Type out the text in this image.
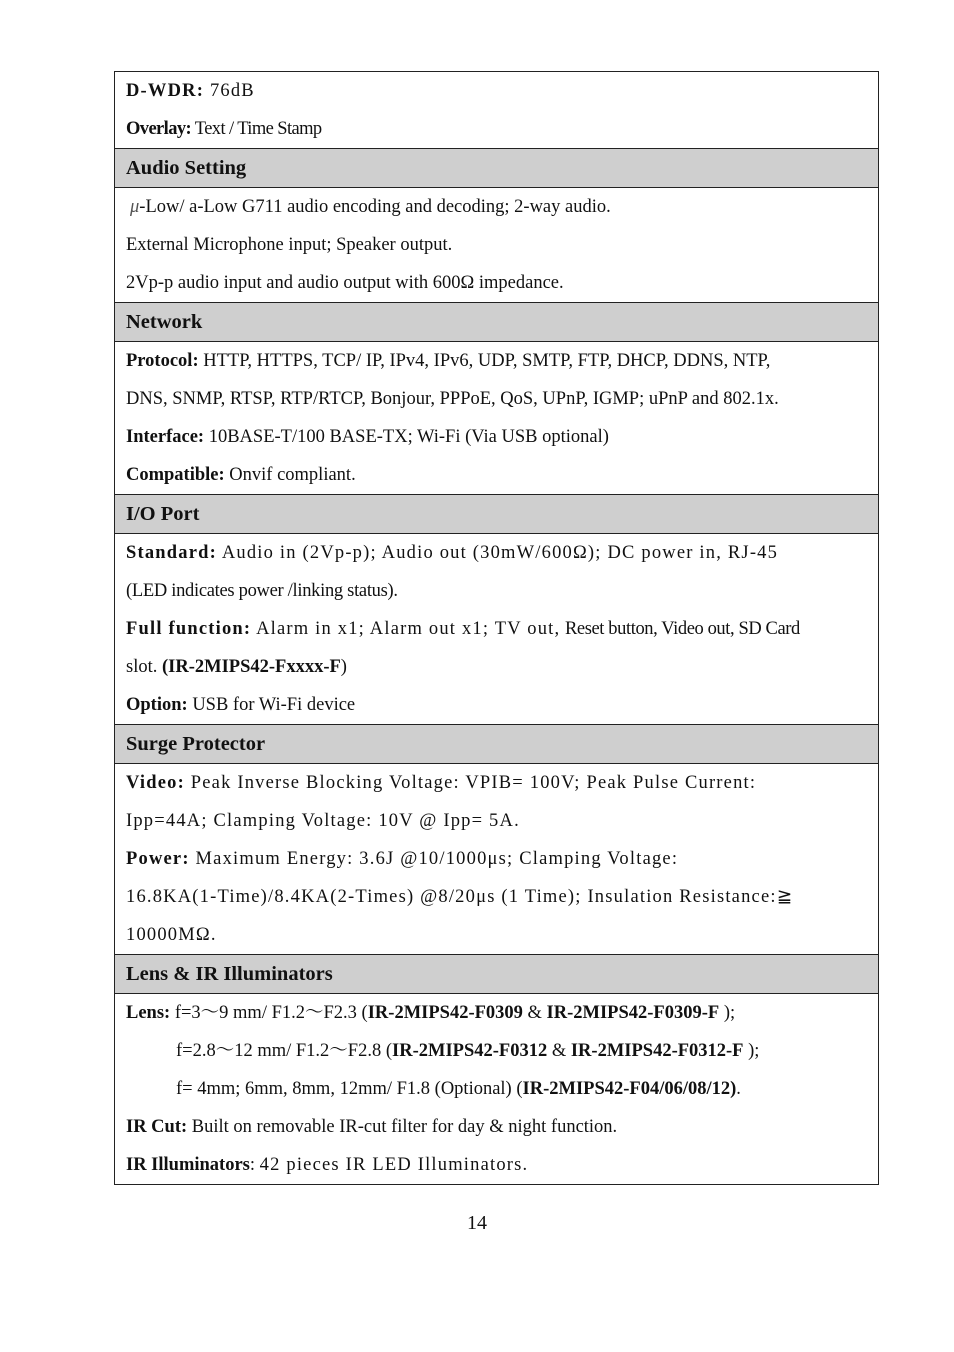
D-WDR: 76dB
Overlay: Text / Time Stamp
Audio Setting
μ-Low/ a-Low G711 audio encoding and decoding; 2-way audio.
External Microphone input; Speaker output.
2Vp-p audio input and audio output with 600Ω impedance.
Network
Protocol: HTTP, HTTPS, TCP/ IP, IPv4, IPv6, UDP, SMTP, FTP, DHCP, DDNS, NTP,
DNS, SNMP, RTSP, RTP/RTCP, Bonjour, PPPoE, QoS, UPnP, IGMP; uPnP and 802.1x.
Interface: 10BASE-T/100 BASE-TX; Wi-Fi (Via USB optional)
Compatible: Onvif compliant.
I/O Port
Standard: Audio in (2Vp-p); Audio out (30mW/600Ω); DC power in, RJ-45
(LED indicates power /linking status).
Full function: Alarm in x1; Alarm out x1; TV out, Reset button, Video out, SD Card
slot. (IR-2MIPS42-Fxxxx-F)
Option: USB for Wi-Fi device
Surge Protector
Video: Peak Inverse Blocking Voltage: VPIB= 100V; Peak Pulse Current:
Ipp=44A; Clamping Voltage: 10V @ Ipp= 5A.
Power: Maximum Energy: 3.6J @10/1000μs; Clamping Voltage:
16.8KA(1-Time)/8.4KA(2-Times) @8/20μs (1 Time); Insulation Resistance:≧
10000MΩ.
Lens & IR Illuminators
Lens: f=3～9 mm/ F1.2～F2.3 (IR-2MIPS42-F0309 & IR-2MIPS42-F0309-F );
f=2.8～12 mm/ F1.2～F2.8 (IR-2MIPS42-F0312 & IR-2MIPS42-F0312-F );
f= 4mm; 6mm, 8mm, 12mm/ F1.8 (Optional) (IR-2MIPS42-F04/06/08/12).
IR Cut: Built on removable IR-cut filter for day & night function.
IR Illuminators: 42 pieces IR LED Illuminators.
14
